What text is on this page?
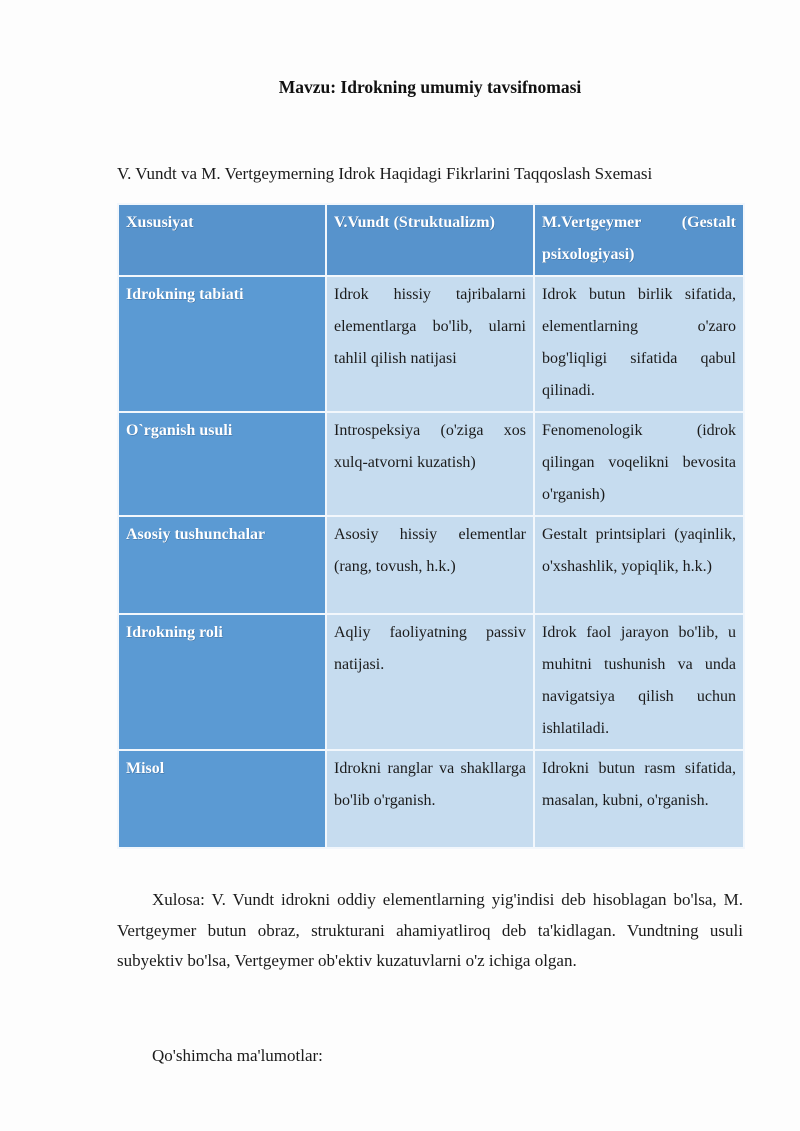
Mavzu: Idrokning umumiy tavsifnomasi

V. Vundt va M. Vertgeymerning Idrok Haqidagi Fikrlarini Taqqoslash Sxemasi

Xususiyat	V.Vundt (Struktualizm)	M.Vertgeymer (Gestalt psixologiyasi)
Idrokning tabiati	Idrok hissiy tajribalarni elementlarga bo'lib, ularni tahlil qilish natijasi	Idrok butun birlik sifatida, elementlarning o'zaro bog'liqligi sifatida qabul qilinadi.
O`rganish usuli	Introspeksiya (o'ziga xos xulq-atvorni kuzatish)	Fenomenologik (idrok qilingan voqelikni bevosita o'rganish)
Asosiy tushunchalar	Asosiy hissiy elementlar (rang, tovush, h.k.)	Gestalt printsiplari (yaqinlik, o'xshashlik, yopiqlik, h.k.)
Idrokning roli	Aqliy faoliyatning passiv natijasi.	Idrok faol jarayon bo'lib, u muhitni tushunish va unda navigatsiya qilish uchun ishlatiladi.
Misol	Idrokni ranglar va shakllarga bo'lib o'rganish.	Idrokni butun rasm sifatida, masalan, kubni, o'rganish.

Xulosa: V. Vundt idrokni oddiy elementlarning yig'indisi deb hisoblagan bo'lsa, M. Vertgeymer butun obraz, strukturani ahamiyatliroq deb ta'kidlagan. Vundtning usuli subyektiv bo'lsa, Vertgeymer ob'ektiv kuzatuvlarni o'z ichiga olgan.

Qo'shimcha ma'lumotlar:
